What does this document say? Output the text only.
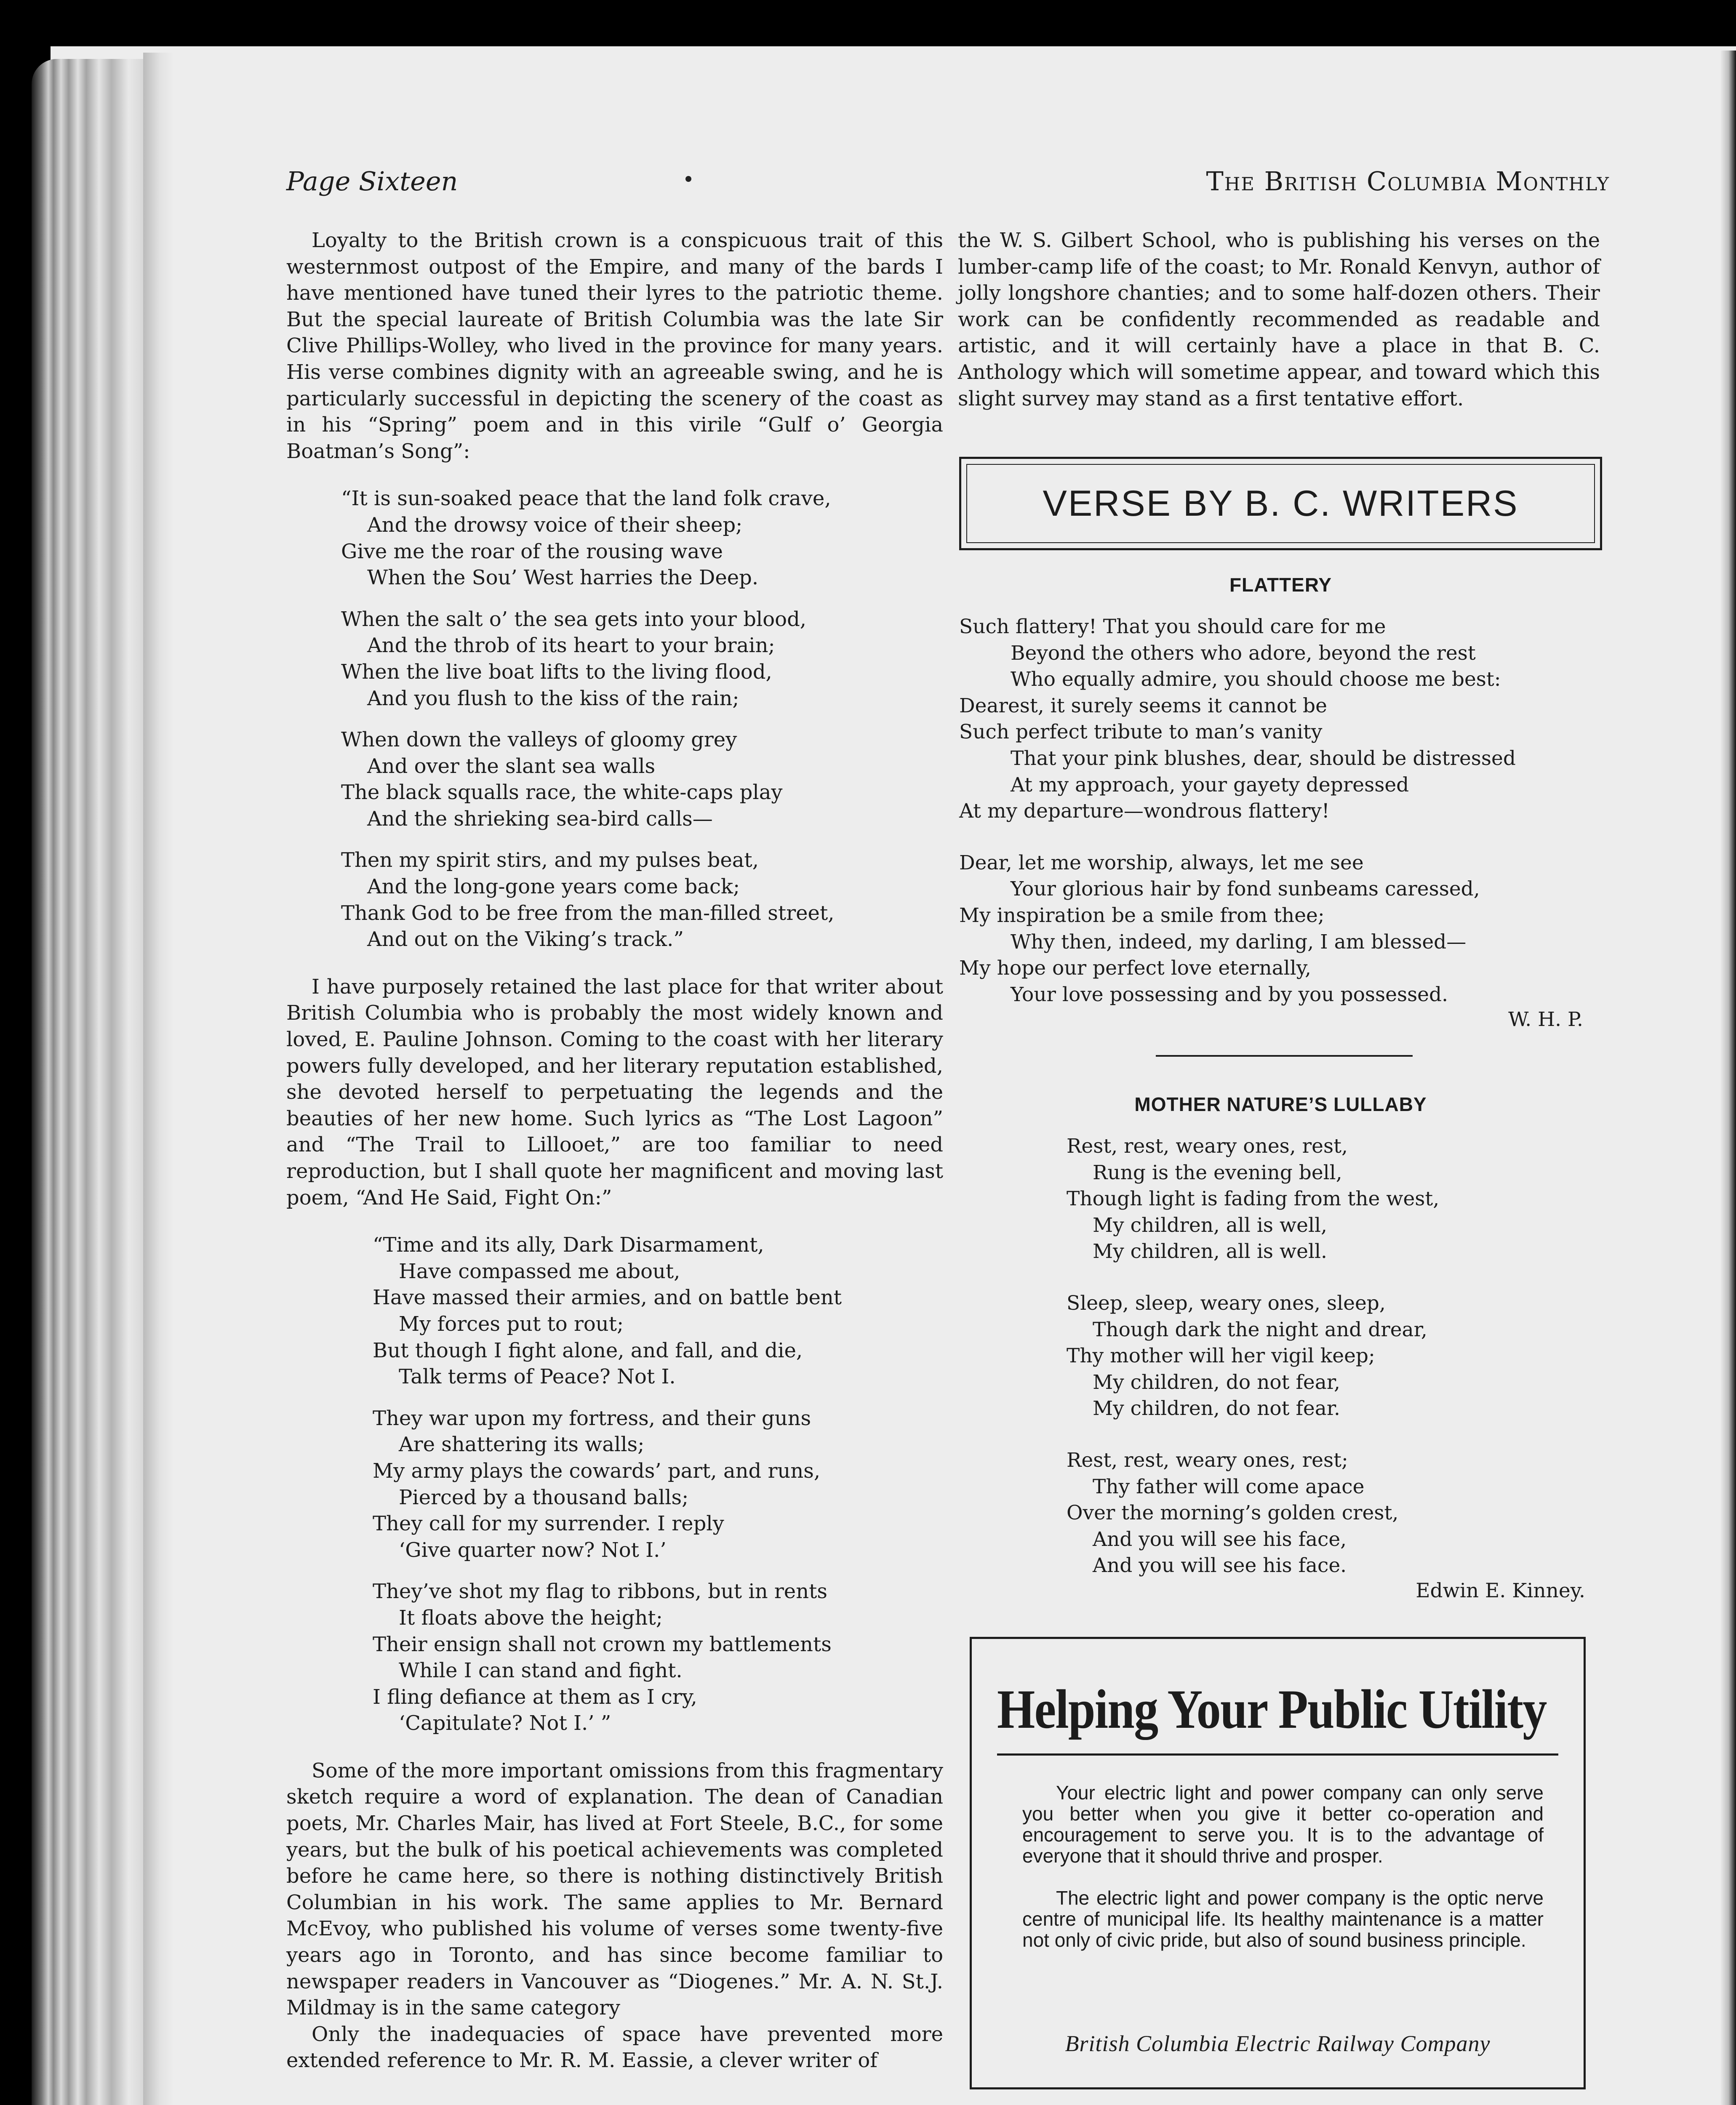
Page Sixteen	The British Columbia Monthly

Loyalty to the British crown is a conspicuous trait of this westernmost outpost of the Empire, and many of the bards I have mentioned have tuned their lyres to the patriotic theme. But the special laureate of British Columbia was the late Sir Clive Phillips-Wolley, who lived in the province for many years. His verse combines dignity with an agreeable swing, and he is particularly successful in depicting the scenery of the coast as in his “Spring” poem and in this virile “Gulf o’ Georgia Boatman’s Song”:

“It is sun-soaked peace that the land folk crave,
And the drowsy voice of their sheep;
Give me the roar of the rousing wave
When the Sou’ West harries the Deep.
When the salt o’ the sea gets into your blood,
And the throb of its heart to your brain;
When the live boat lifts to the living flood,
And you flush to the kiss of the rain;
When down the valleys of gloomy grey
And over the slant sea walls
The black squalls race, the white-caps play
And the shrieking sea-bird calls—
Then my spirit stirs, and my pulses beat,
And the long-gone years come back;
Thank God to be free from the man-filled street,
And out on the Viking’s track.”

I have purposely retained the last place for that writer about British Columbia who is probably the most widely known and loved, E. Pauline Johnson. Coming to the coast with her literary powers fully developed, and her literary reputation established, she devoted herself to perpetuating the legends and the beauties of her new home. Such lyrics as “The Lost Lagoon” and “The Trail to Lillooet,” are too familiar to need reproduction, but I shall quote her magnificent and moving last poem, “And He Said, Fight On:”

“Time and its ally, Dark Disarmament,
Have compassed me about,
Have massed their armies, and on battle bent
My forces put to rout;
But though I fight alone, and fall, and die,
Talk terms of Peace? Not I.
They war upon my fortress, and their guns
Are shattering its walls;
My army plays the cowards’ part, and runs,
Pierced by a thousand balls;
They call for my surrender. I reply
‘Give quarter now? Not I.’
They’ve shot my flag to ribbons, but in rents
It floats above the height;
Their ensign shall not crown my battlements
While I can stand and fight.
I fling defiance at them as I cry,
‘Capitulate? Not I.’ ”

Some of the more important omissions from this fragmentary sketch require a word of explanation. The dean of Canadian poets, Mr. Charles Mair, has lived at Fort Steele, B.C., for some years, but the bulk of his poetical achievements was completed before he came here, so there is nothing distinctively British Columbian in his work. The same applies to Mr. Bernard McEvoy, who published his volume of verses some twenty-five years ago in Toronto, and has since become familiar to newspaper readers in Vancouver as “Diogenes.” Mr. A. N. St.J. Mildmay is in the same category

Only the inadequacies of space have prevented more extended reference to Mr. R. M. Eassie, a clever writer of

the W. S. Gilbert School, who is publishing his verses on the lumber-camp life of the coast; to Mr. Ronald Kenvyn, author of jolly longshore chanties; and to some half-dozen others. Their work can be confidently recommended as readable and artistic, and it will certainly have a place in that B. C. Anthology which will sometime appear, and toward which this slight survey may stand as a first tentative effort.

VERSE BY B. C. WRITERS
FLATTERY
Such flattery! That you should care for me
Beyond the others who adore, beyond the rest
Who equally admire, you should choose me best:
Dearest, it surely seems it cannot be
Such perfect tribute to man’s vanity
That your pink blushes, dear, should be distressed
At my approach, your gayety depressed
At my departure—wondrous flattery!
Dear, let me worship, always, let me see
Your glorious hair by fond sunbeams caressed,
My inspiration be a smile from thee;
Why then, indeed, my darling, I am blessed—
My hope our perfect love eternally,
Your love possessing and by you possessed.
W. H. P.
MOTHER NATURE’S LULLABY
Rest, rest, weary ones, rest,
Rung is the evening bell,
Though light is fading from the west,
My children, all is well,
My children, all is well.
Sleep, sleep, weary ones, sleep,
Though dark the night and drear,
Thy mother will her vigil keep;
My children, do not fear,
My children, do not fear.
Rest, rest, weary ones, rest;
Thy father will come apace
Over the morning’s golden crest,
And you will see his face,
And you will see his face.
Edwin E. Kinney.
Helping Your Public Utility

Your electric light and power company can only serve you better when you give it better co-operation and encouragement to serve you. It is to the advantage of everyone that it should thrive and prosper.

The electric light and power company is the optic nerve centre of municipal life. Its healthy maintenance is a matter not only of civic pride, but also of sound business principle.

British Columbia Electric Railway Company
